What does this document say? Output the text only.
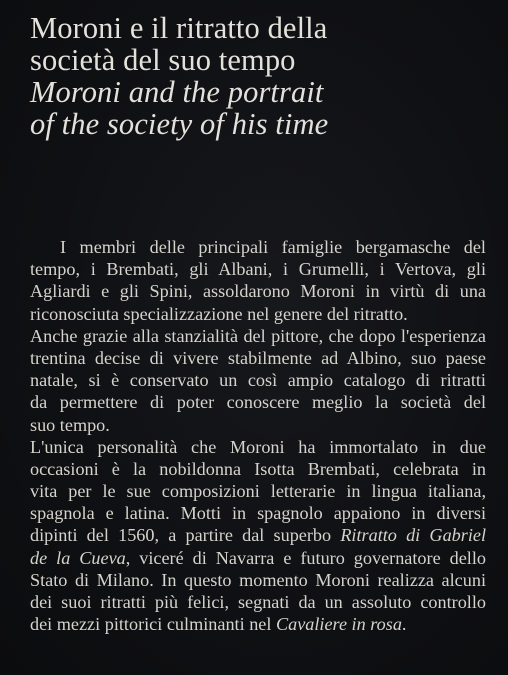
Moroni e il ritratto della
società del suo tempo
Moroni and the portrait
of the society of his time
I membri delle principali famiglie bergamasche del
tempo, i Brembati, gli Albani, i Grumelli, i Vertova, gli
Agliardi e gli Spini, assoldarono Moroni in virtù di una
riconosciuta specializzazione nel genere del ritratto.
Anche grazie alla stanzialità del pittore, che dopo l'esperienza
trentina decise di vivere stabilmente ad Albino, suo paese
natale, si è conservato un così ampio catalogo di ritratti
da permettere di poter conoscere meglio la società del
suo tempo.
L'unica personalità che Moroni ha immortalato in due
occasioni è la nobildonna Isotta Brembati, celebrata in
vita per le sue composizioni letterarie in lingua italiana,
spagnola e latina. Motti in spagnolo appaiono in diversi
dipinti del 1560, a partire dal superbo Ritratto di Gabriel
de la Cueva, viceré di Navarra e futuro governatore dello
Stato di Milano. In questo momento Moroni realizza alcuni
dei suoi ritratti più felici, segnati da un assoluto controllo
dei mezzi pittorici culminanti nel Cavaliere in rosa.
